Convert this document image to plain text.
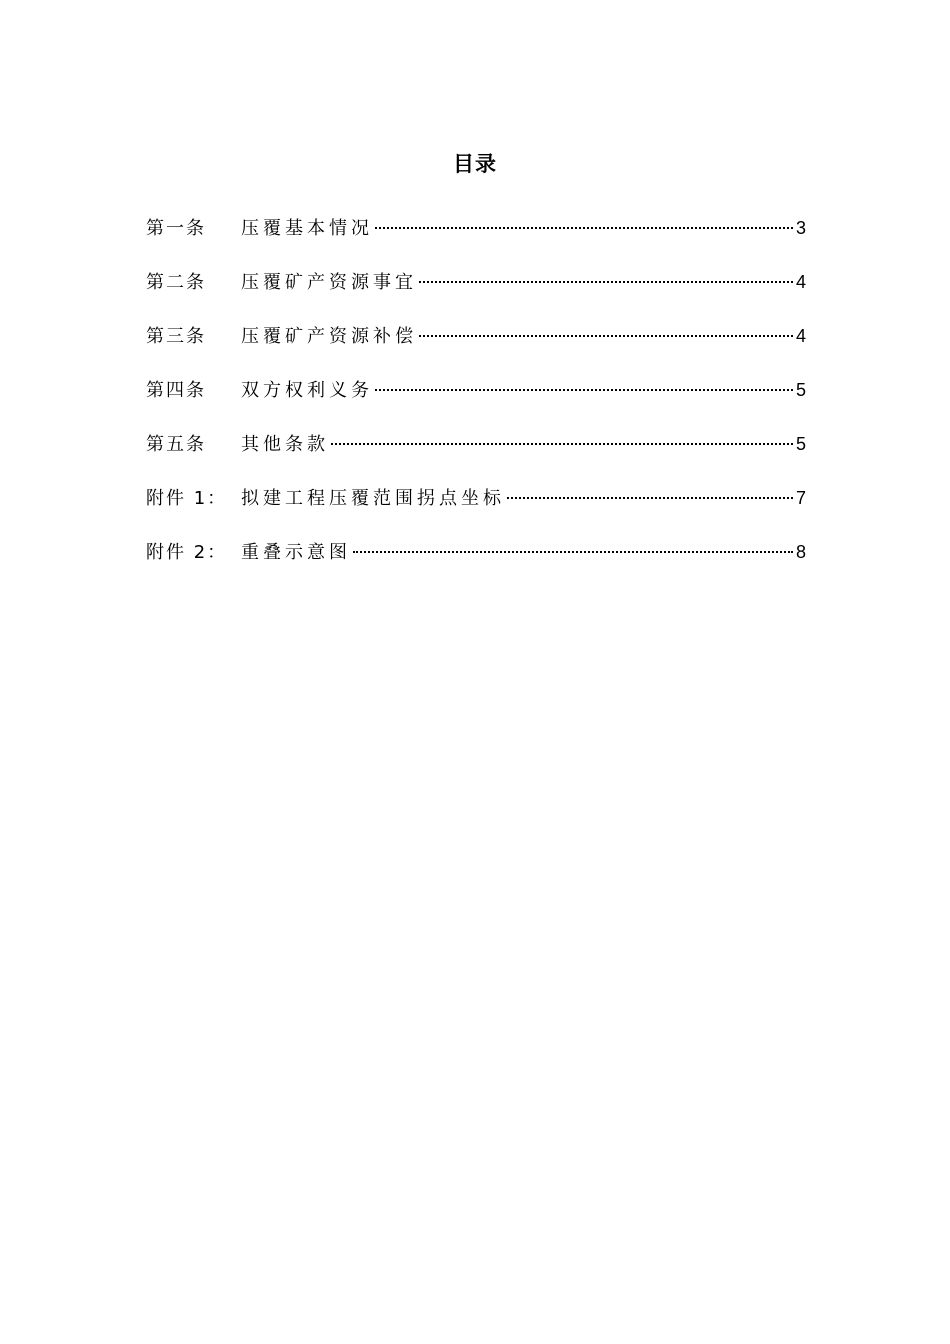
目录
第一条	压覆基本情况	3
第二条	压覆矿产资源事宜	4
第三条	压覆矿产资源补偿	4
第四条	双方权利义务	5
第五条	其他条款	5
附件 1： 拟建工程压覆范围拐点坐标	7
附件 2： 重叠示意图	8
